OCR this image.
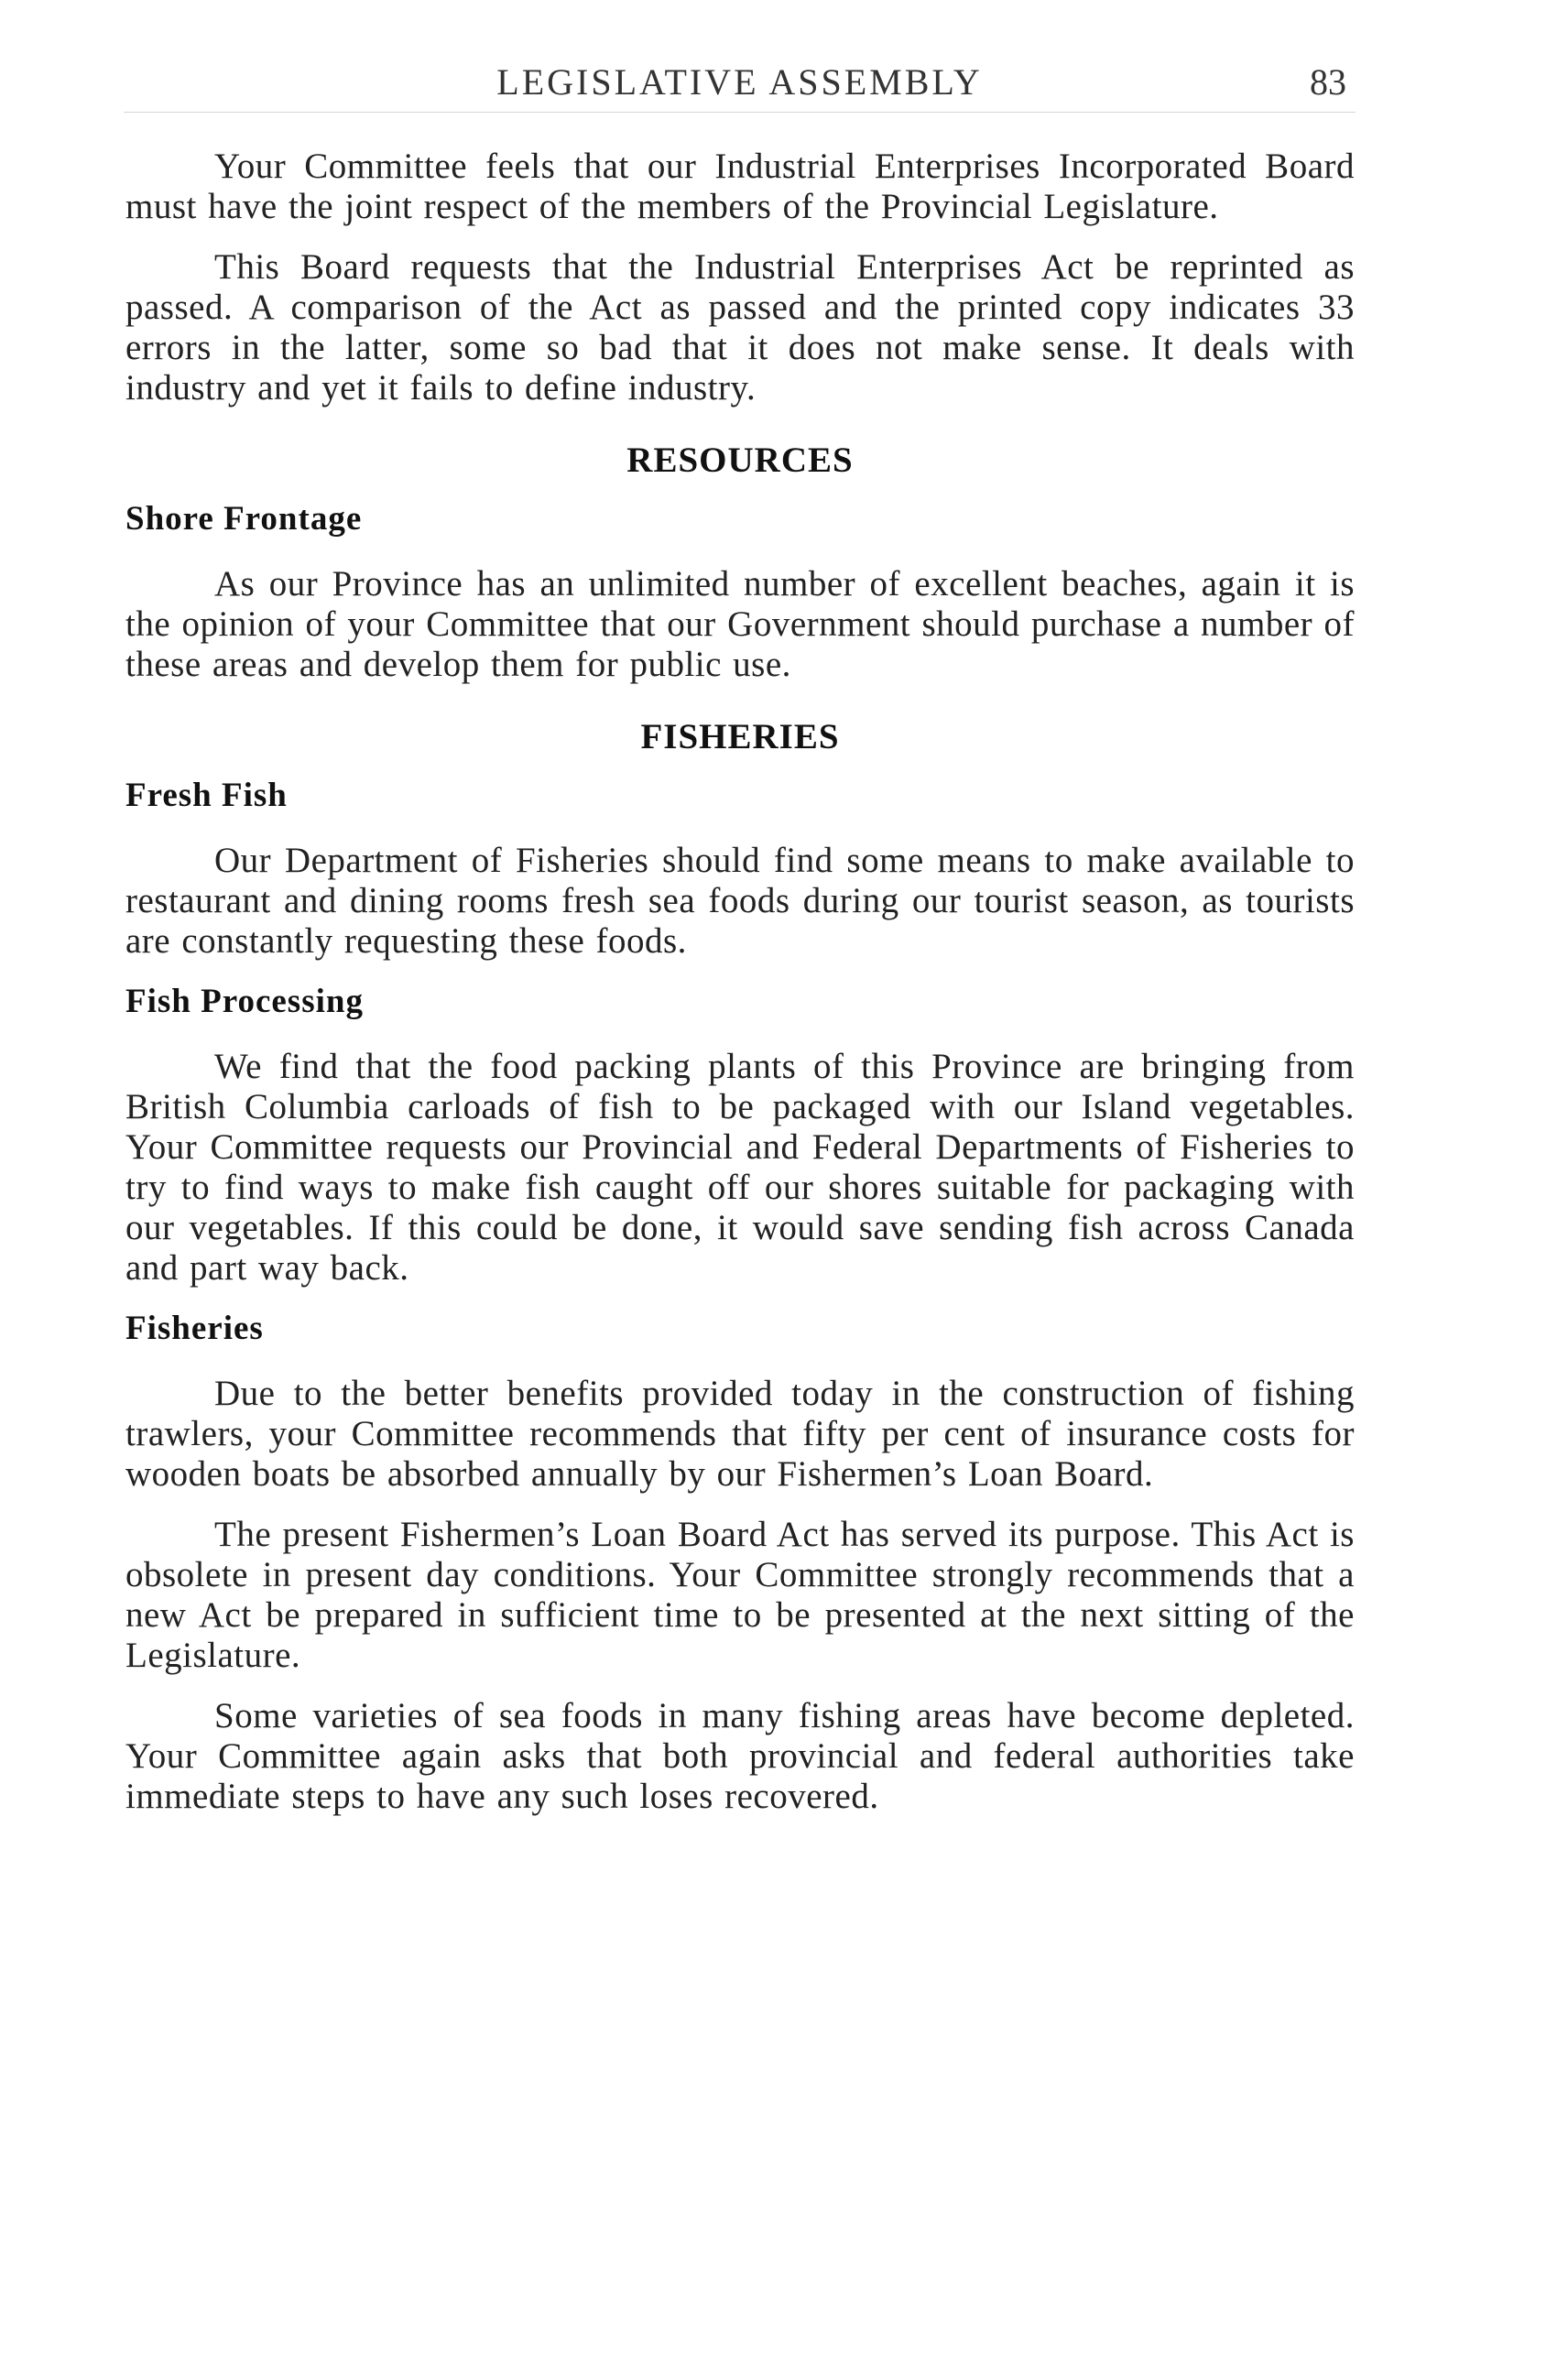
LEGISLATIVE ASSEMBLY	83

Your Committee feels that our Industrial Enterprises Incorporated Board must have the joint respect of the members of the Provincial Legislature.

This Board requests that the Industrial Enterprises Act be reprinted as passed. A comparison of the Act as passed and the printed copy indicates 33 errors in the latter, some so bad that it does not make sense. It deals with industry and yet it fails to define industry.

RESOURCES
Shore Frontage

As our Province has an unlimited number of excellent beaches, again it is the opinion of your Committee that our Government should purchase a number of these areas and develop them for public use.

FISHERIES
Fresh Fish

Our Department of Fisheries should find some means to make available to restaurant and dining rooms fresh sea foods during our tourist season, as tourists are constantly requesting these foods.

Fish Processing

We find that the food packing plants of this Province are bringing from British Columbia carloads of fish to be packaged with our Island vegetables. Your Committee requests our Provincial and Federal Departments of Fisheries to try to find ways to make fish caught off our shores suitable for packaging with our vegetables. If this could be done, it would save sending fish across Canada and part way back.

Fisheries

Due to the better benefits provided today in the construction of fishing trawlers, your Committee recommends that fifty per cent of insurance costs for wooden boats be absorbed annually by our Fishermen’s Loan Board.

The present Fishermen’s Loan Board Act has served its purpose. This Act is obsolete in present day conditions. Your Committee strongly recommends that a new Act be prepared in sufficient time to be presented at the next sitting of the Legislature.

Some varieties of sea foods in many fishing areas have become depleted. Your Committee again asks that both provincial and federal authorities take immediate steps to have any such loses recovered.
